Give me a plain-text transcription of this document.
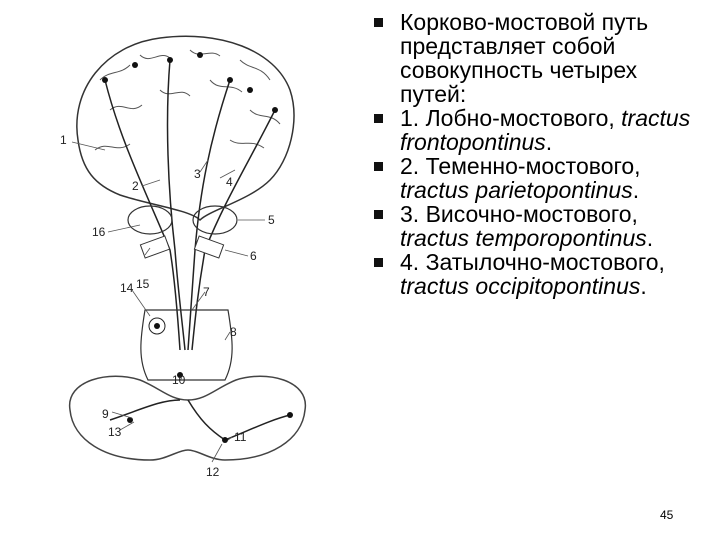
1
2
3
4
5
6
7
8
9
10
11
12
13
14 15
16
Корково-мостовой путь представляет собой совокупность четырех путей:
1. Лобно-мостового, tractus frontopontinus.
2. Теменно-мостового, tractus parietopontinus.
3. Височно-мостового, tractus temporopontinus.
4. Затылочно-мостового, tractus occipitopontinus.
45
